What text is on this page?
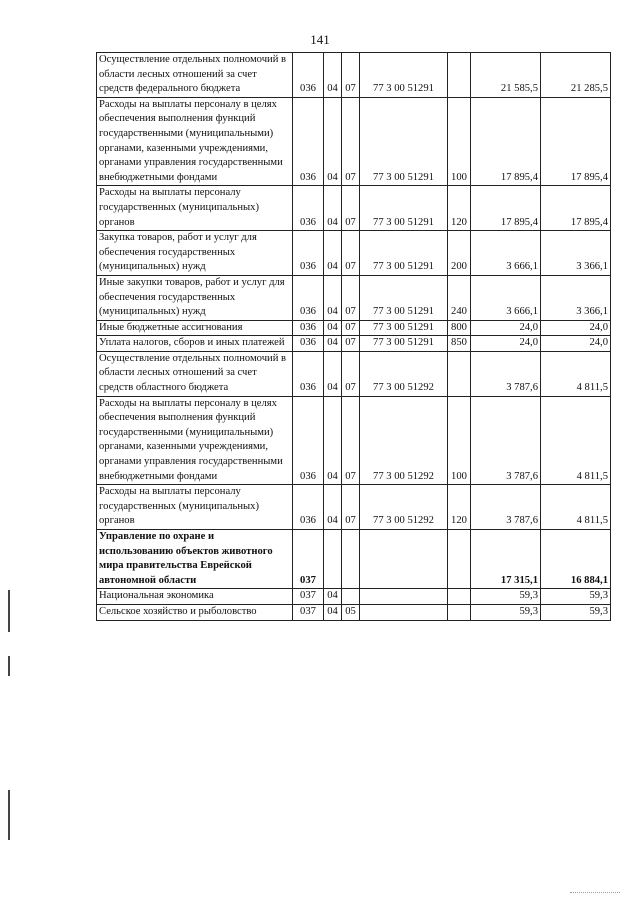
141
Осуществление отдельных полномочий в области лесных отношений за счет средств федерального бюджета	036	04	07	77 3 00 51291		21 585,5	21 285,5
Расходы на выплаты персоналу в целях обеспечения выполнения функций государственными (муниципальными) органами, казенными учреждениями, органами управления государственными внебюджетными фондами	036	04	07	77 3 00 51291	100	17 895,4	17 895,4
Расходы на выплаты персоналу государственных (муниципальных) органов	036	04	07	77 3 00 51291	120	17 895,4	17 895,4
Закупка товаров, работ и услуг для обеспечения государственных (муниципальных) нужд	036	04	07	77 3 00 51291	200	3 666,1	3 366,1
Иные закупки товаров, работ и услуг для обеспечения государственных (муниципальных) нужд	036	04	07	77 3 00 51291	240	3 666,1	3 366,1
Иные бюджетные ассигнования	036	04	07	77 3 00 51291	800	24,0	24,0
Уплата налогов, сборов и иных платежей	036	04	07	77 3 00 51291	850	24,0	24,0
Осуществление отдельных полномочий в области лесных отношений за счет средств областного бюджета	036	04	07	77 3 00 51292		3 787,6	4 811,5
Расходы на выплаты персоналу в целях обеспечения выполнения функций государственными (муниципальными) органами, казенными учреждениями, органами управления государственными внебюджетными фондами	036	04	07	77 3 00 51292	100	3 787,6	4 811,5
Расходы на выплаты персоналу государственных (муниципальных) органов	036	04	07	77 3 00 51292	120	3 787,6	4 811,5
Управление по охране и использованию объектов животного мира правительства Еврейской автономной области	037					17 315,1	16 884,1
Национальная экономика	037	04				59,3	59,3
Сельское хозяйство и рыболовство	037	04	05			59,3	59,3
